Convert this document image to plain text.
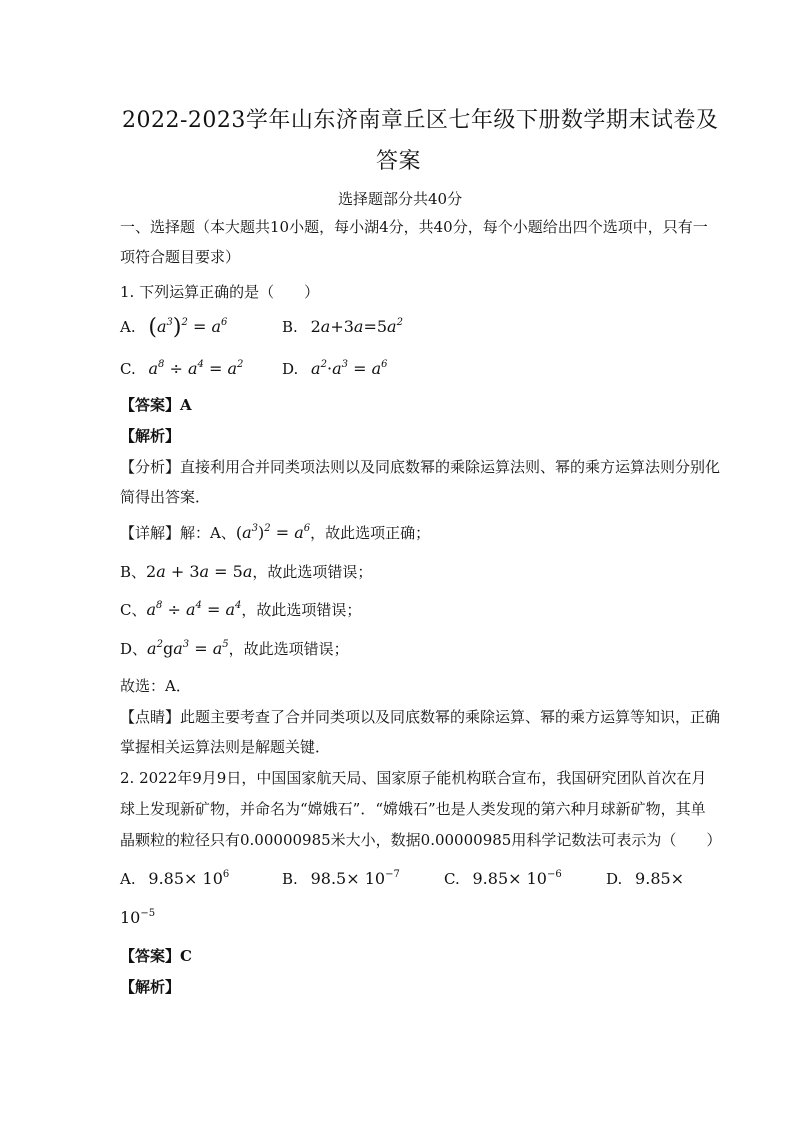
2022-2023学年山东济南章丘区七年级下册数学期末试卷及
答案
选择题部分共40分
一、选择题（本大题共10小题，每小湖4分，共40分，每个小题给出四个选项中，只有一
项符合题目要求）
1. 下列运算正确的是（　　）
A. $(a^3)^2 = a^6$	B. $2a+3a=5a^2$
C. $a^8 \div a^4 = a^2$	D. $a^2\cdot a^3 = a^6$
【答案】A
【解析】
【分析】直接利用合并同类项法则以及同底数幂的乘除运算法则、幂的乘方运算法则分别化
简得出答案．
【详解】解：A、$(a^3)^2 = a^6$，故此选项正确；
B、2a + 3a = 5a，故此选项错误；
C、$a^8 \div a^4 = a^4$，故此选项错误；
D、$a^2ga^3 = a^5$，故此选项错误；
故选：A．
【点睛】此题主要考查了合并同类项以及同底数幂的乘除运算、幂的乘方运算等知识，正确
掌握相关运算法则是解题关键．
2. 2022年9月9日，中国国家航天局、国家原子能机构联合宣布，我国研究团队首次在月
球上发现新矿物，并命名为“嫦娥石”．“嫦娥石”也是人类发现的第六种月球新矿物，其单
晶颗粒的粒径只有0.00000985米大小，数据0.00000985用科学记数法可表示为（　　）
A. $9.85\times 10^6$	B. $98.5\times 10^{-7}$	C. $9.85\times 10^{-6}$	D. 9.85×
$10^{-5}$
【答案】C
【解析】
